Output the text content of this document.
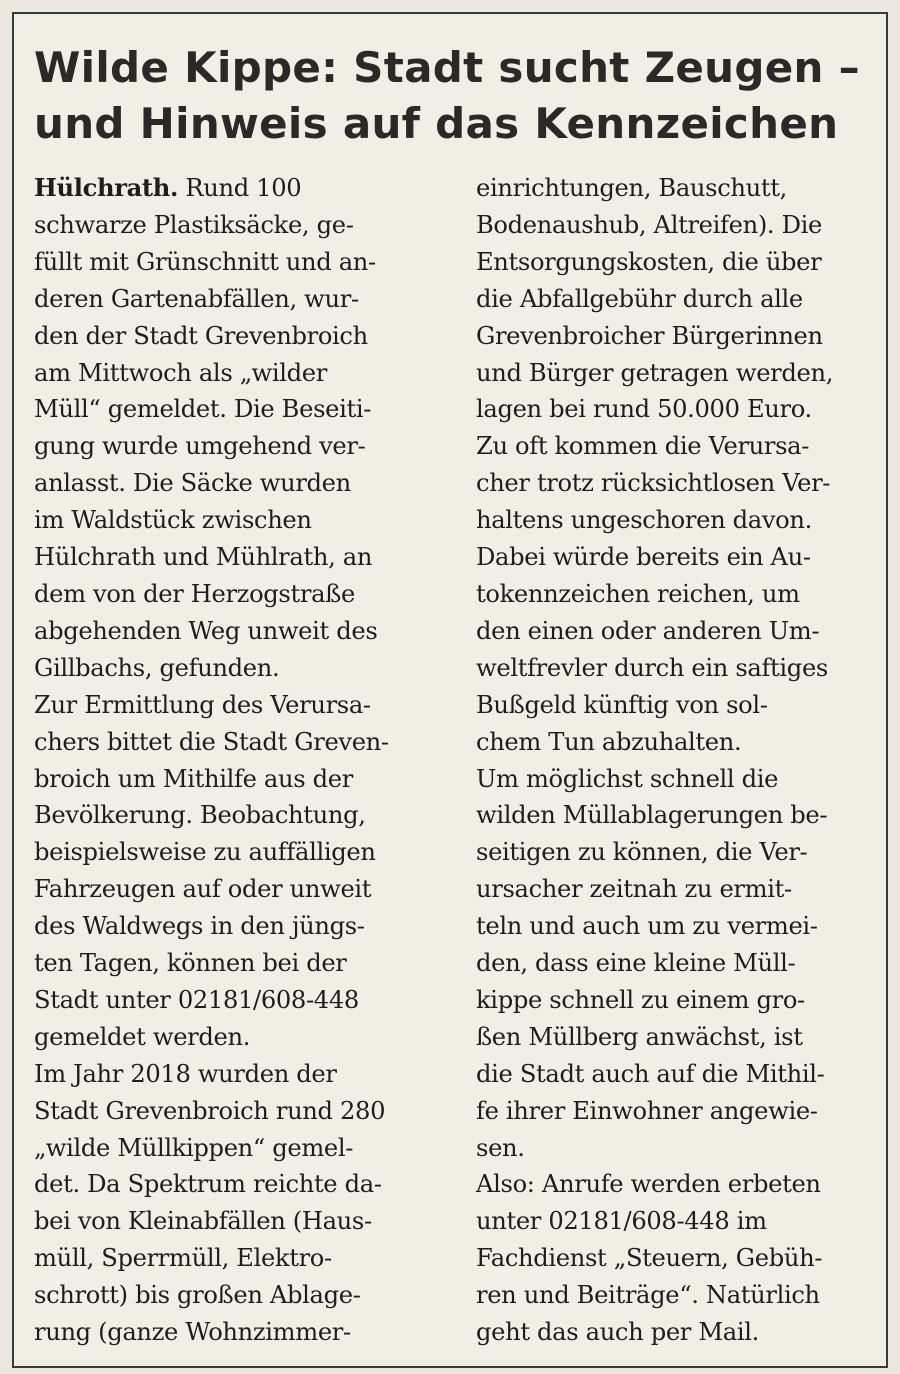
Wilde Kippe: Stadt sucht Zeugen –
und Hinweis auf das Kennzeichen
Hülchrath. Rund 100
schwarze Plastiksäcke, ge-
füllt mit Grünschnitt und an-
deren Gartenabfällen, wur-
den der Stadt Grevenbroich
am Mittwoch als „wilder
Müll“ gemeldet. Die Beseiti-
gung wurde umgehend ver-
anlasst. Die Säcke wurden
im Waldstück zwischen
Hülchrath und Mühlrath, an
dem von der Herzogstraße
abgehenden Weg unweit des
Gillbachs, gefunden.
Zur Ermittlung des Verursa-
chers bittet die Stadt Greven-
broich um Mithilfe aus der
Bevölkerung. Beobachtung,
beispielsweise zu auffälligen
Fahrzeugen auf oder unweit
des Waldwegs in den jüngs-
ten Tagen, können bei der
Stadt unter 02181/608-448
gemeldet werden.
Im Jahr 2018 wurden der
Stadt Grevenbroich rund 280
„wilde Müllkippen“ gemel-
det. Da Spektrum reichte da-
bei von Kleinabfällen (Haus-
müll, Sperrmüll, Elektro-
schrott) bis großen Ablage-
rung (ganze Wohnzimmer-
einrichtungen, Bauschutt,
Bodenaushub, Altreifen). Die
Entsorgungskosten, die über
die Abfallgebühr durch alle
Grevenbroicher Bürgerinnen
und Bürger getragen werden,
lagen bei rund 50.000 Euro.
Zu oft kommen die Verursa-
cher trotz rücksichtlosen Ver-
haltens ungeschoren davon.
Dabei würde bereits ein Au-
tokennzeichen reichen, um
den einen oder anderen Um-
weltfrevler durch ein saftiges
Bußgeld künftig von sol-
chem Tun abzuhalten.
Um möglichst schnell die
wilden Müllablagerungen be-
seitigen zu können, die Ver-
ursacher zeitnah zu ermit-
teln und auch um zu vermei-
den, dass eine kleine Müll-
kippe schnell zu einem gro-
ßen Müllberg anwächst, ist
die Stadt auch auf die Mithil-
fe ihrer Einwohner angewie-
sen.
Also: Anrufe werden erbeten
unter 02181/608-448 im
Fachdienst „Steuern, Gebüh-
ren und Beiträge“. Natürlich
geht das auch per Mail.
